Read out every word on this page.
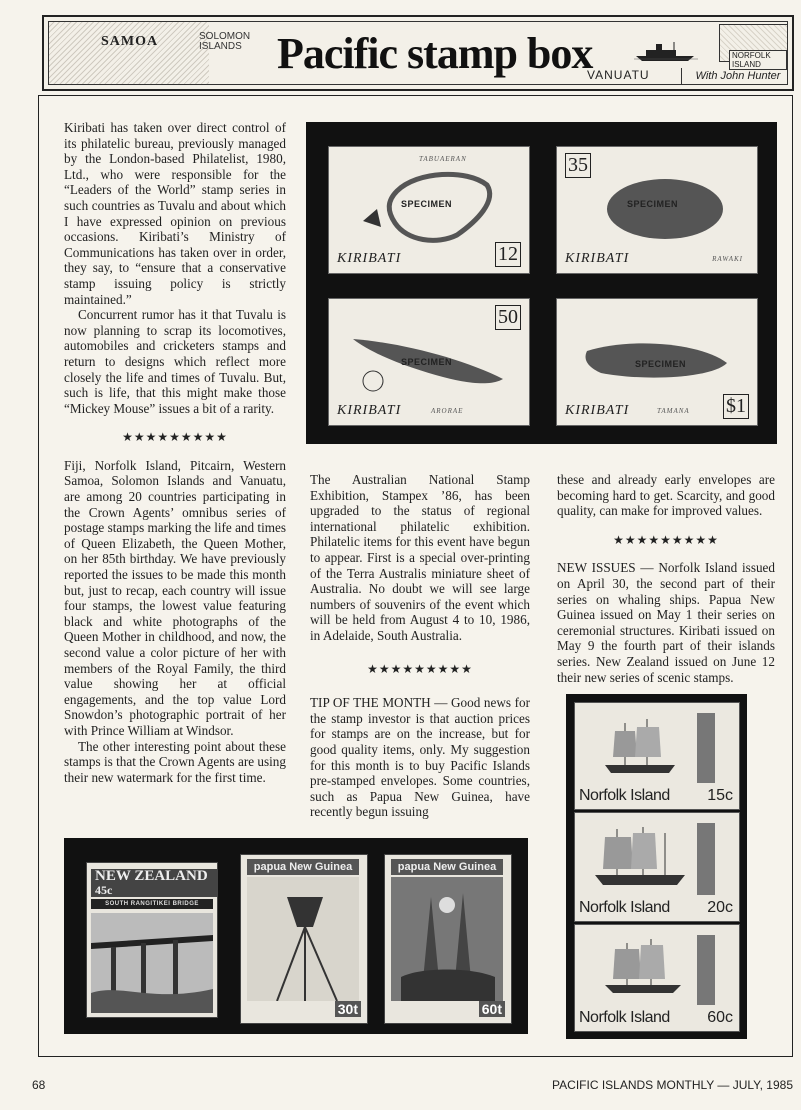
SAMOA	SOLOMON
ISLANDS Pacific stamp box
VANUATU
NORFOLK ISLAND
With John Hunter

Kiribati has taken over direct control of its philatelic bureau, previously managed by the London-based Philatelist, 1980, Ltd., who were responsible for the “Leaders of the World” stamp series in such countries as Tuvalu and about which I have expressed opinion on previous occasions. Kiribati’s Ministry of Communications has taken over in order, they say, to “ensure that a conservative stamp issuing policy is strictly maintained.”

Concurrent rumor has it that Tuvalu is now planning to scrap its locomotives, automobiles and cricketers stamps and return to designs which reflect more closely the life and times of Tuvalu. But, such is life, that this might make those “Mickey Mouse” issues a bit of a rarity.

★★★★★★★★★

Fiji, Norfolk Island, Pitcairn, Western Samoa, Solomon Islands and Vanuatu, are among 20 countries participating in the Crown Agents’ omnibus series of postage stamps marking the life and times of Queen Elizabeth, the Queen Mother, on her 85th birthday. We have previously reported the issues to be made this month but, just to recap, each country will issue four stamps, the lowest value featuring black and white photographs of the Queen Mother in childhood, and now, the second value a color picture of her with members of the Royal Family, the third value showing her at official engagements, and the top value Lord Snowdon’s photographic portrait of her with Prince William at Windsor.

The other interesting point about these stamps is that the Crown Agents are using their new watermark for the first time.

SPECIMEN
TABUAERAN
KIRIBATI	12
SPECIMEN
RAWAKI
KIRIBATI
35
SPECIMEN
ARORAE
KIRIBATI
50
SPECIMEN
TAMANA
KIRIBATI	$1

The Australian National Stamp Exhibition, Stampex ’86, has been upgraded to the status of regional international philatelic exhibition. Philatelic items for this event have begun to appear. First is a special over-printing of the Terra Australis miniature sheet of Australia. No doubt we will see large numbers of souvenirs of the event which will be held from August 4 to 10, 1986, in Adelaide, South Australia.

★★★★★★★★★

TIP OF THE MONTH — Good news for the stamp investor is that auction prices for stamps are on the increase, but for good quality items, only. My suggestion for this month is to buy Pacific Islands pre-stamped envelopes. Some countries, such as Papua New Guinea, have recently begun issuing

these and already early envelopes are becoming hard to get. Scarcity, and good quality, can make for improved values.

★★★★★★★★★

NEW ISSUES — Norfolk Island issued on April 30, the second part of their series on whaling ships. Papua New Guinea issued on May 1 their series on ceremonial structures. Kiribati issued on May 9 the fourth part of their islands series. New Zealand issued on June 12 their new series of scenic stamps.

Norfolk Island 15c
Norfolk Island 20c
Norfolk Island 60c
NEW ZEALAND
45c
SOUTH RANGITIKEI BRIDGE
papua New Guinea
30t
papua New Guinea
60t
68	PACIFIC ISLANDS MONTHLY — JULY, 1985
